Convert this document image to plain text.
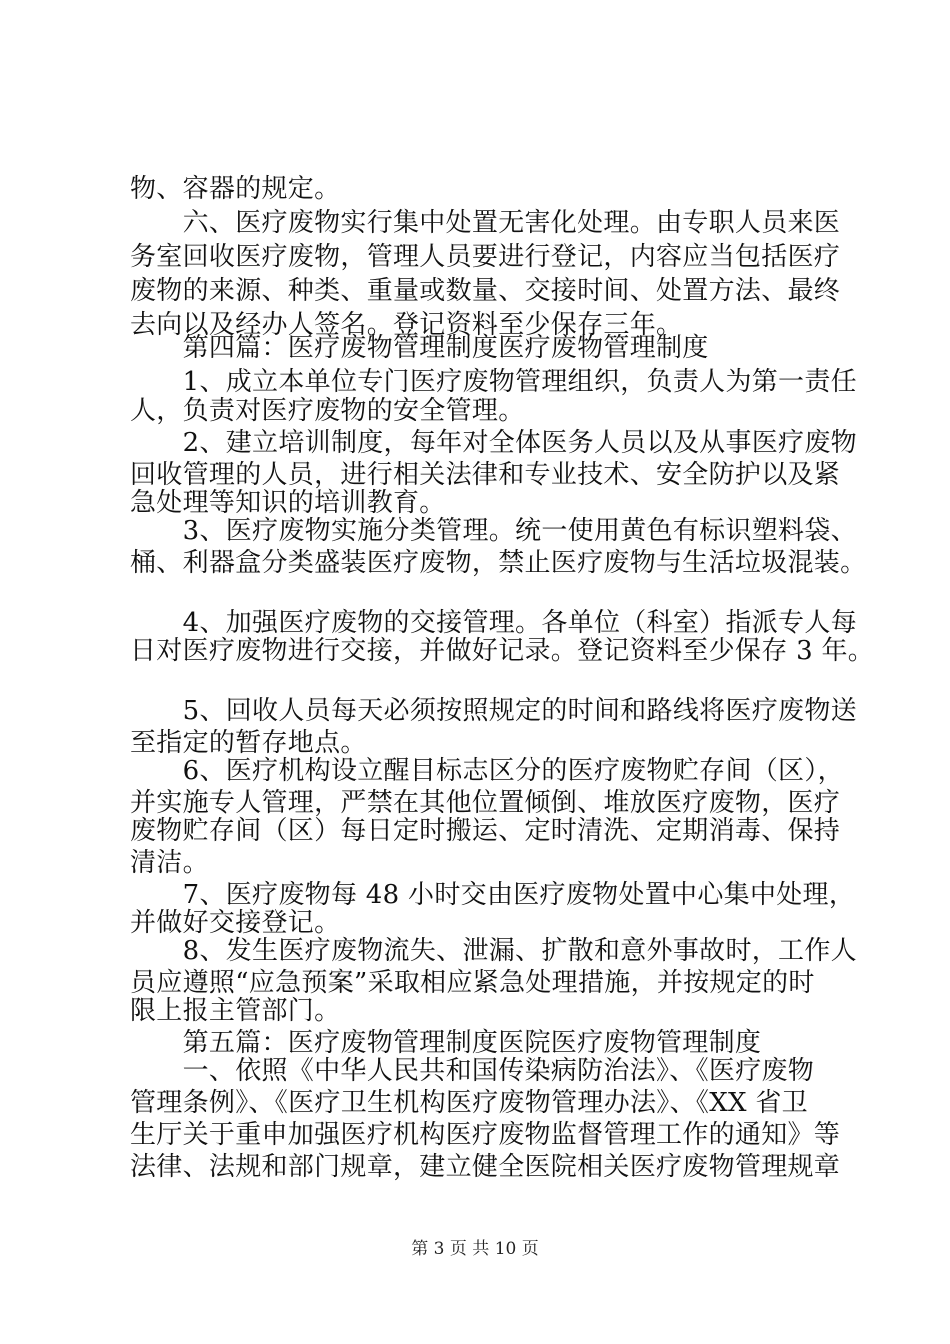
物、容器的规定。
　　六、医疗废物实行集中处置无害化处理。由专职人员来医
务室回收医疗废物，管理人员要进行登记，内容应当包括医疗
废物的来源、种类、重量或数量、交接时间、处置方法、最终
去向以及经办人签名。登记资料至少保存三年。
　　第四篇：医疗废物管理制度医疗废物管理制度
　　1、成立本单位专门医疗废物管理组织，负责人为第一责任
人，负责对医疗废物的安全管理。
　　2、建立培训制度，每年对全体医务人员以及从事医疗废物
回收管理的人员，进行相关法律和专业技术、安全防护以及紧
急处理等知识的培训教育。
　　3、医疗废物实施分类管理。统一使用黄色有标识塑料袋、
桶、利器盒分类盛装医疗废物，禁止医疗废物与生活垃圾混装。
　　4、加强医疗废物的交接管理。各单位（科室）指派专人每
日对医疗废物进行交接，并做好记录。登记资料至少保存 3 年。
　　5、回收人员每天必须按照规定的时间和路线将医疗废物送
至指定的暂存地点。
　　6、医疗机构设立醒目标志区分的医疗废物贮存间（区），
并实施专人管理，严禁在其他位置倾倒、堆放医疗废物，医疗
废物贮存间（区）每日定时搬运、定时清洗、定期消毒、保持
清洁。
　　7、医疗废物每 48 小时交由医疗废物处置中心集中处理，
并做好交接登记。
　　8、发生医疗废物流失、泄漏、扩散和意外事故时，工作人
员应遵照“应急预案”采取相应紧急处理措施，并按规定的时
限上报主管部门。
　　第五篇：医疗废物管理制度医院医疗废物管理制度
　　一、依照《中华人民共和国传染病防治法》、《医疗废物
管理条例》、《医疗卫生机构医疗废物管理办法》、《XX 省卫
生厅关于重申加强医疗机构医疗废物监督管理工作的通知》等
法律、法规和部门规章，建立健全医院相关医疗废物管理规章
第 3 页 共 10 页
